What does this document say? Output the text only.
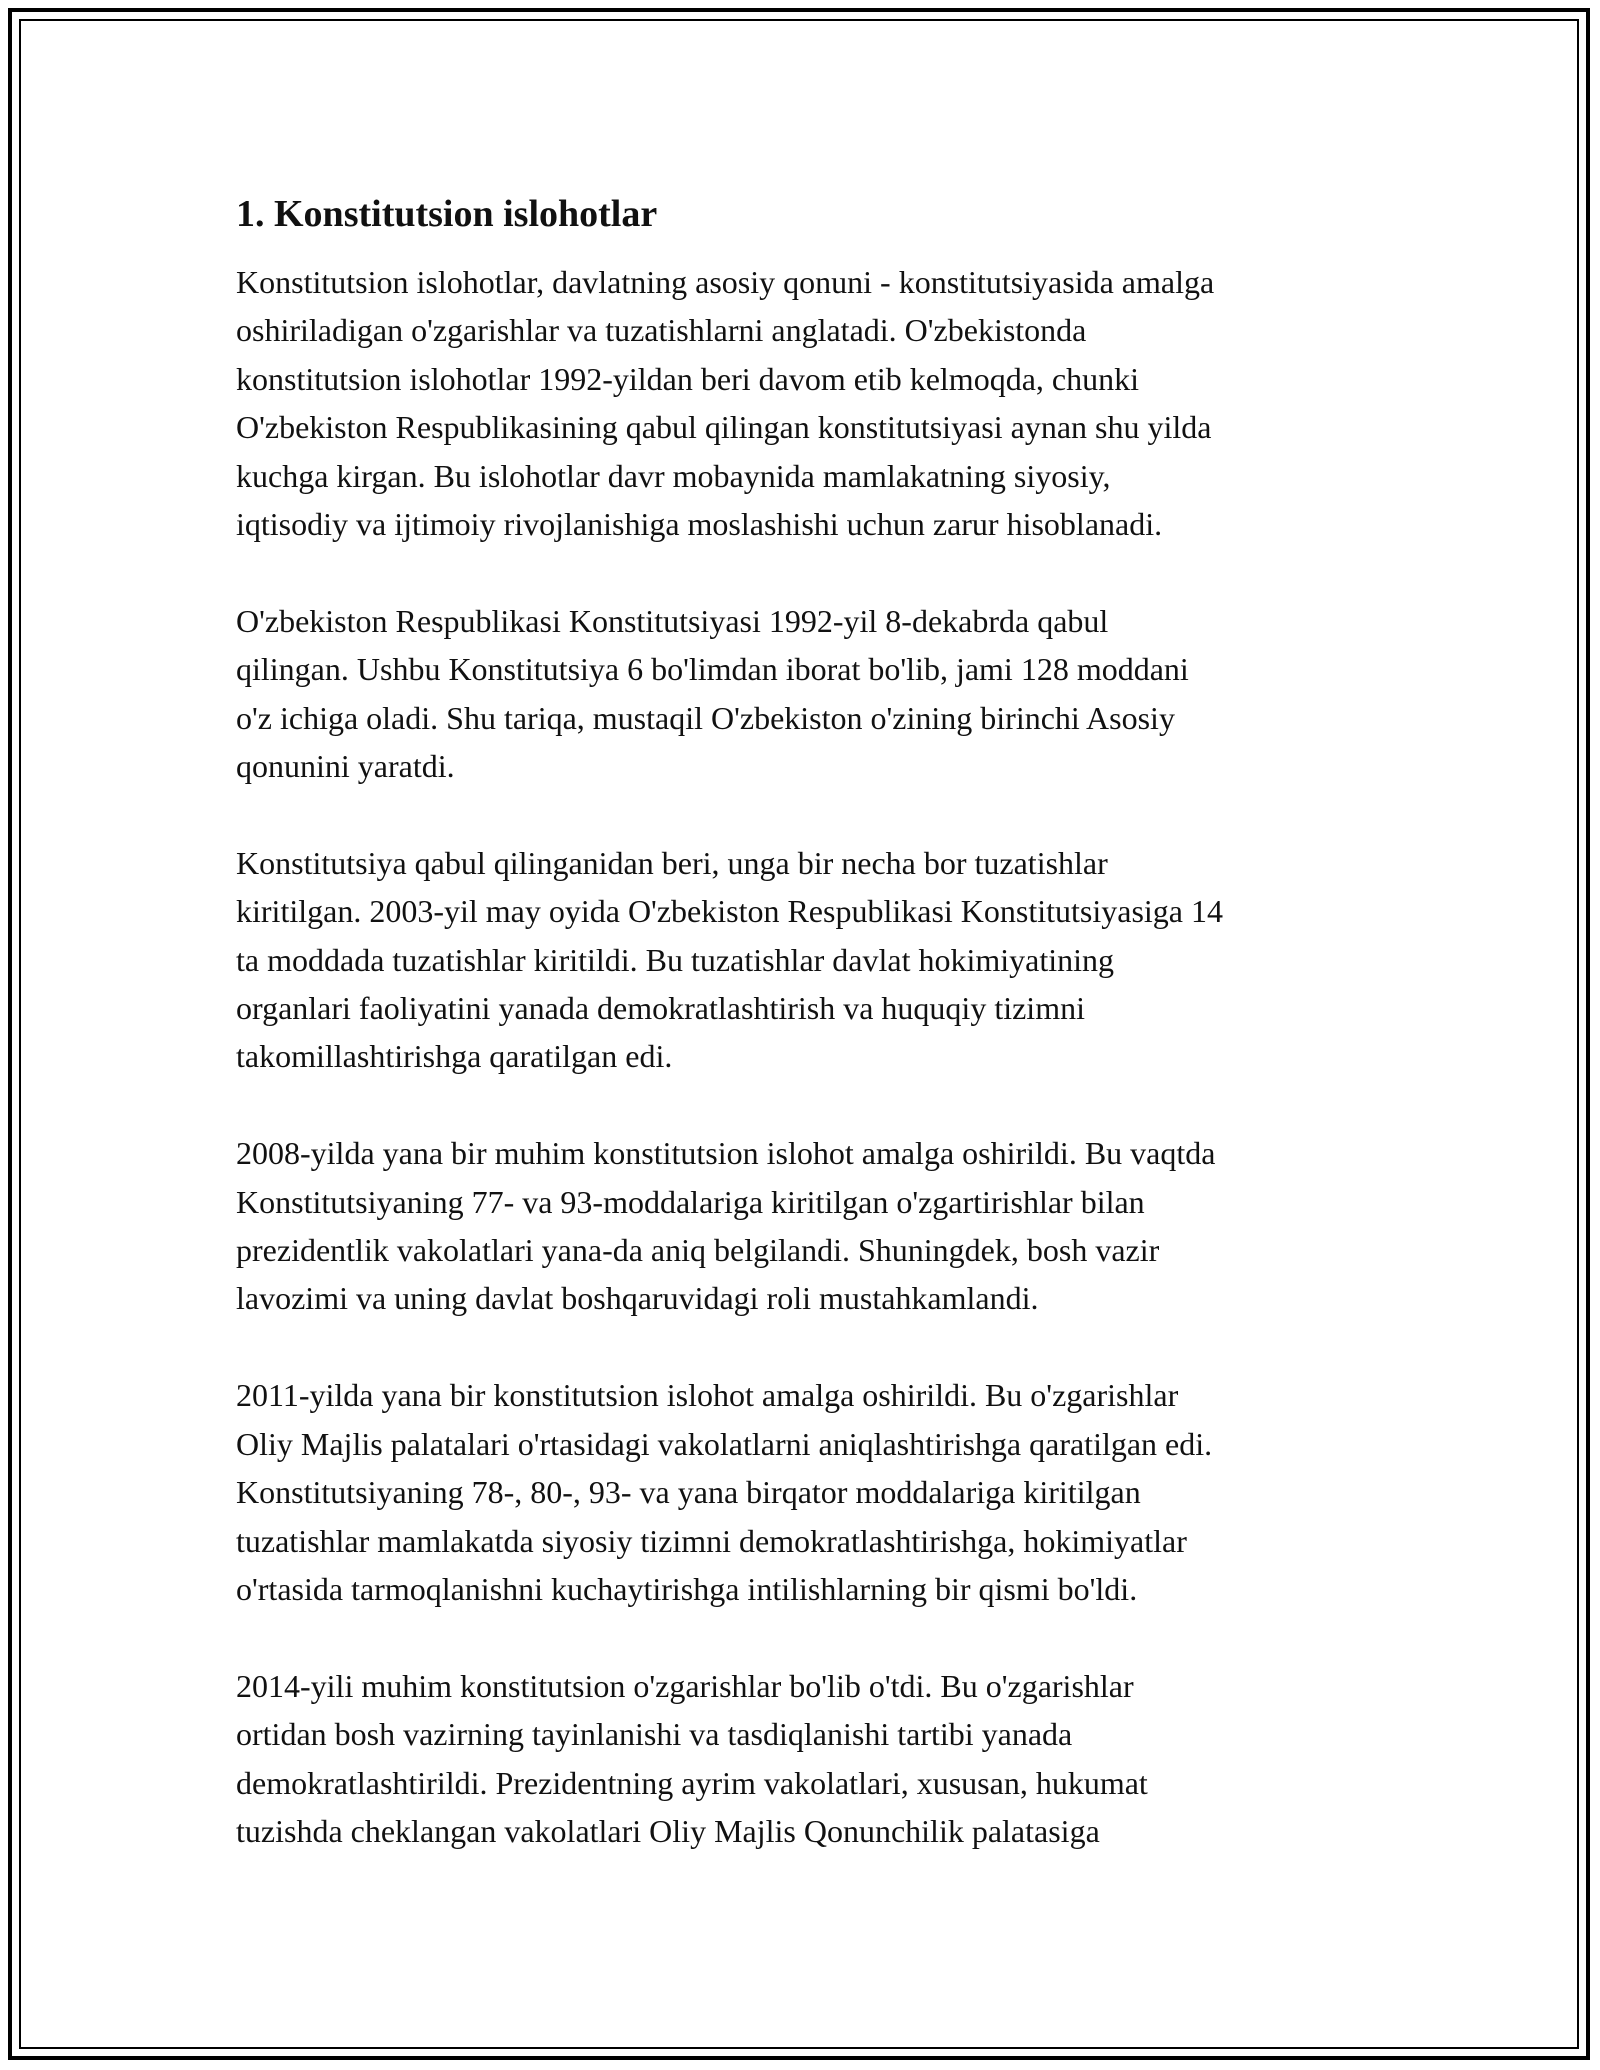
1. Konstitutsion islohotlar

Konstitutsion islohotlar, davlatning asosiy qonuni - konstitutsiyasida amalga
oshiriladigan o'zgarishlar va tuzatishlarni anglatadi. O'zbekistonda
konstitutsion islohotlar 1992-yildan beri davom etib kelmoqda, chunki
O'zbekiston Respublikasining qabul qilingan konstitutsiyasi aynan shu yilda
kuchga kirgan. Bu islohotlar davr mobaynida mamlakatning siyosiy,
iqtisodiy va ijtimoiy rivojlanishiga moslashishi uchun zarur hisoblanadi.

O'zbekiston Respublikasi Konstitutsiyasi 1992-yil 8-dekabrda qabul
qilingan. Ushbu Konstitutsiya 6 bo'limdan iborat bo'lib, jami 128 moddani
o'z ichiga oladi. Shu tariqa, mustaqil O'zbekiston o'zining birinchi Asosiy
qonunini yaratdi.

Konstitutsiya qabul qilinganidan beri, unga bir necha bor tuzatishlar
kiritilgan. 2003-yil may oyida O'zbekiston Respublikasi Konstitutsiyasiga 14
ta moddada tuzatishlar kiritildi. Bu tuzatishlar davlat hokimiyatining
organlari faoliyatini yanada demokratlashtirish va huquqiy tizimni
takomillashtirishga qaratilgan edi.

2008-yilda yana bir muhim konstitutsion islohot amalga oshirildi. Bu vaqtda
Konstitutsiyaning 77- va 93-moddalariga kiritilgan o'zgartirishlar bilan
prezidentlik vakolatlari yana-da aniq belgilandi. Shuningdek, bosh vazir
lavozimi va uning davlat boshqaruvidagi roli mustahkamlandi.

2011-yilda yana bir konstitutsion islohot amalga oshirildi. Bu o'zgarishlar
Oliy Majlis palatalari o'rtasidagi vakolatlarni aniqlashtirishga qaratilgan edi.
Konstitutsiyaning 78-, 80-, 93- va yana birqator moddalariga kiritilgan
tuzatishlar mamlakatda siyosiy tizimni demokratlashtirishga, hokimiyatlar
o'rtasida tarmoqlanishni kuchaytirishga intilishlarning bir qismi bo'ldi.

2014-yili muhim konstitutsion o'zgarishlar bo'lib o'tdi. Bu o'zgarishlar
ortidan bosh vazirning tayinlanishi va tasdiqlanishi tartibi yanada
demokratlashtirildi. Prezidentning ayrim vakolatlari, xususan, hukumat
tuzishda cheklangan vakolatlari Oliy Majlis Qonunchilik palatasiga
